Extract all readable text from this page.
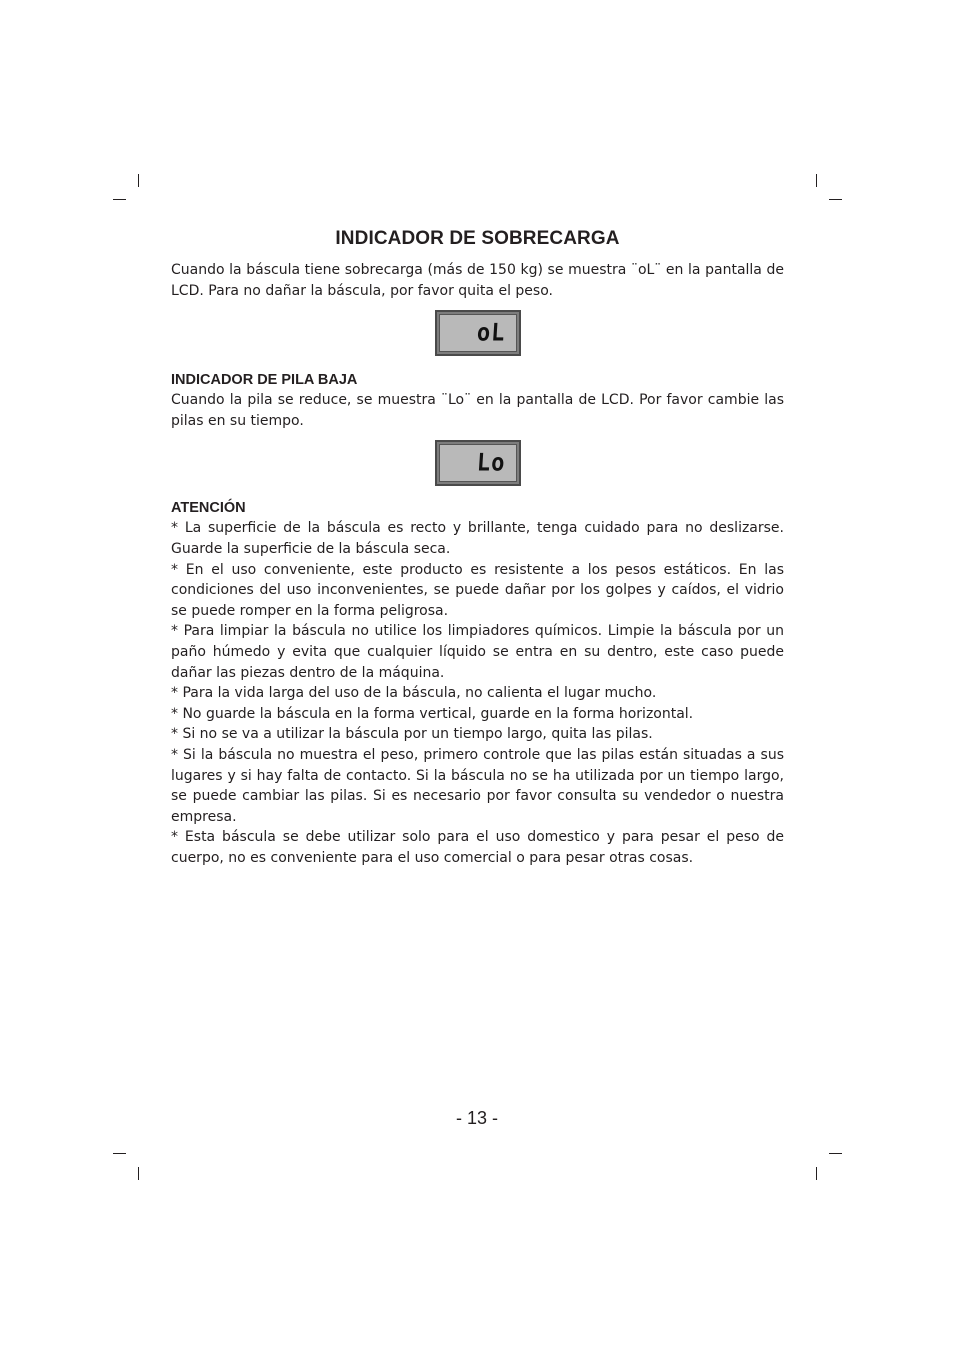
INDICADOR DE SOBRECARGA

Cuando la báscula tiene sobrecarga (más de 150 kg) se muestra ¨oL¨ en la pantalla de LCD. Para no dañar la báscula, por favor quita el peso.

oL
INDICADOR DE PILA BAJA

Cuando la pila se reduce, se muestra ¨Lo¨ en la pantalla de LCD. Por favor cambie las pilas en su tiempo.

Lo
ATENCIÓN

* La superficie de la báscula es recto y brillante, tenga cuidado para no deslizarse. Guarde la superficie de la báscula seca.

* En el uso conveniente, este producto es resistente a los pesos estáticos. En las condiciones del uso inconvenientes, se puede dañar por los golpes y caídos, el vidrio se puede romper en la forma peligrosa.

* Para limpiar la báscula no utilice los limpiadores químicos. Limpie la báscula por un paño húmedo y evita que cualquier líquido se entra en su dentro, este caso puede dañar las piezas dentro de la máquina.

* Para la vida larga del uso de la báscula, no calienta el lugar mucho.

* No guarde la báscula en la forma vertical, guarde en la forma horizontal.

* Si no se va a utilizar la báscula por un tiempo largo, quita las pilas.

* Si la báscula no muestra el peso, primero controle que las pilas están situadas a sus lugares y si hay falta de contacto. Si la báscula no se ha utilizada por un tiempo largo, se puede cambiar las pilas. Si es necesario por favor consulta su vendedor o nuestra empresa.

* Esta báscula se debe utilizar solo para el uso domestico y para pesar el peso de cuerpo, no es conveniente para el uso comercial o para pesar otras cosas.

- 13 -
